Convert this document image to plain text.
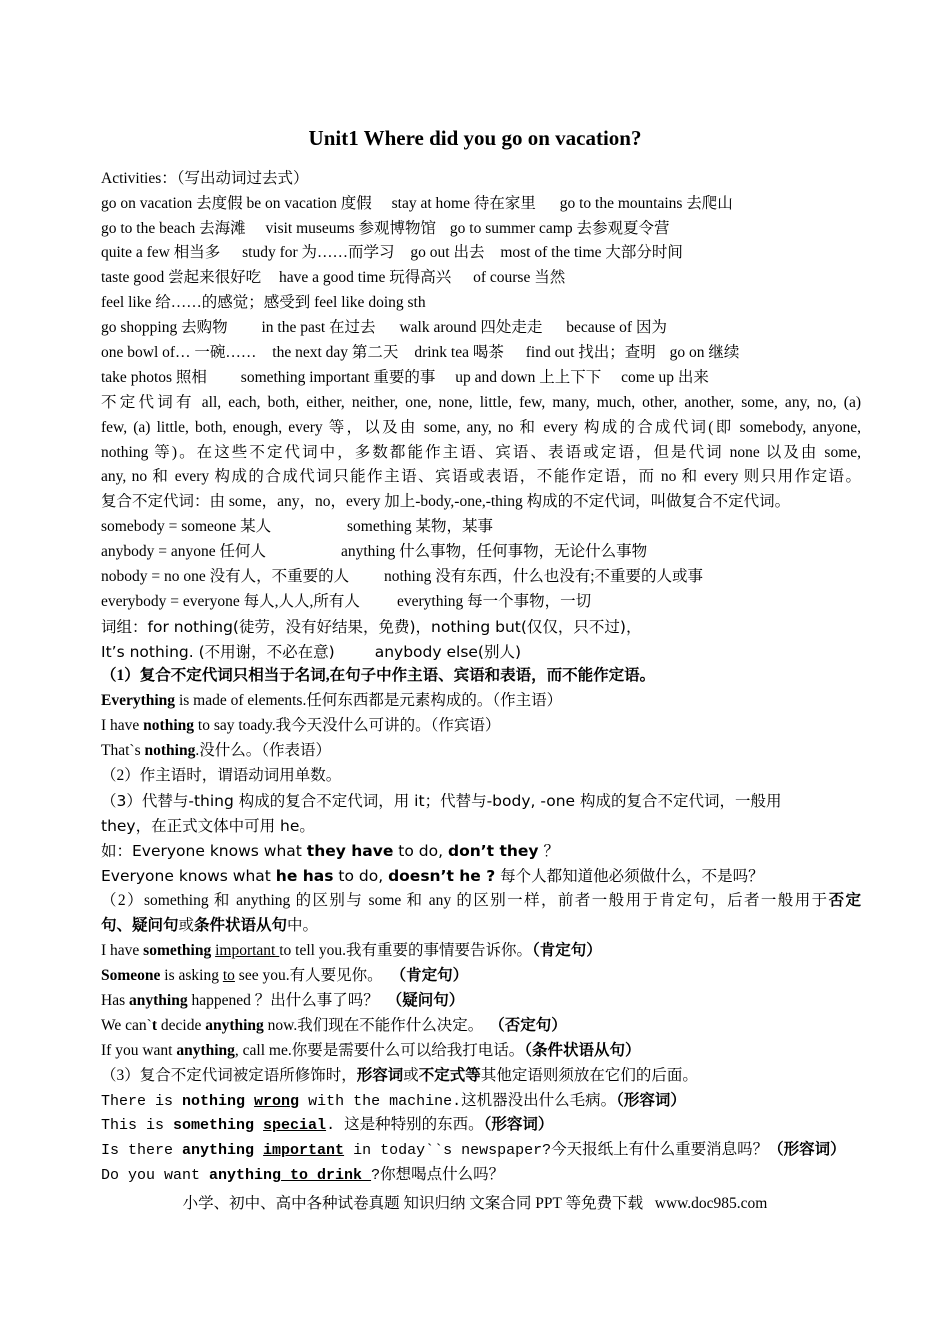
Unit1 Where did you go on vacation?
Activities：（写出动词过去式）
go on vacation 去度假 be on vacation 度假 stay at home 待在家里 go to the mountains 去爬山
go to the beach 去海滩 visit museums 参观博物馆 go to summer camp 去参观夏令营
quite a few 相当多 study for 为……而学习 go out 出去 most of the time 大部分时间
taste good 尝起来很好吃 have a good time 玩得高兴 of course 当然
feel like 给……的感觉；感受到 feel like doing sth
go shopping 去购物 in the past 在过去 walk around 四处走走 because of 因为
one bowl of… 一碗…… the next day 第二天 drink tea 喝茶 find out 找出；查明 go on 继续
take photos 照相 something important 重要的事 up and down 上上下下 come up 出来
不定代词有 all, each, both, either, neither, one, none, little, few, many, much, other, another, some, any, no, (a)
few, (a) little, both, enough, every 等，以及由 some, any, no 和 every 构成的合成代词(即 somebody, anyone,
nothing 等)。在这些不定代词中，多数都能作主语、宾语、表语或定语，但是代词 none 以及由 some,
any, no 和 every 构成的合成代词只能作主语、宾语或表语，不能作定语，而 no 和 every 则只用作定语。
复合不定代词：由 some，any，no，every 加上-body,-one,-thing 构成的不定代词，叫做复合不定代词。
somebody = someone 某人	something 某物，某事
anybody = anyone 任何人	anything 什么事物，任何事物，无论什么事物
nobody = no one 没有人，不重要的人 nothing 没有东西，什么也没有;不重要的人或事
everybody = everyone 每人,人人,所有人 everything 每一个事物，一切
词组：for nothing(徒劳，没有好结果，免费)，nothing but(仅仅，只不过)，
It’s nothing. (不用谢，不必在意)	anybody else(别人)
（1）复合不定代词只相当于名词,在句子中作主语、宾语和表语，而不能作定语。
Everything is made of elements.任何东西都是元素构成的。（作主语）
I have nothing to say toady.我今天没什么可讲的。（作宾语）
That`s nothing.没什么。（作表语）
（2）作主语时，谓语动词用单数。
（3）代替与-thing 构成的复合不定代词，用 it；代替与-body, -one 构成的复合不定代词，一般用
they，在正式文体中可用 he。
如：Everyone knows what they have to do, don’t they ？
Everyone knows what he has to do, doesn’t he ? 每个人都知道他必须做什么，不是吗？
（2）something 和 anything 的区别与 some 和 any 的区别一样，前者一般用于肯定句，后者一般用于否定
句、疑问句或条件状语从句中。
I have something important to tell you.我有重要的事情要告诉你。（肯定句）
Someone is asking to see you.有人要见你。 （肯定句）
Has anything happened ？出什么事了吗？ （疑问句）
We can`t decide anything now.我们现在不能作什么决定。 （否定句）
If you want anything, call me.你要是需要什么可以给我打电话。（条件状语从句）
（3）复合不定代词被定语所修饰时，形容词或不定式等其他定语则须放在它们的后面。
There is nothing wrong with the machine.这机器没出什么毛病。（形容词）
This is something special. 这是种特别的东西。（形容词）
Is there anything important in today``s newspaper?今天报纸上有什么重要消息吗？（形容词）
Do you want anything to drink ?你想喝点什么吗？
小学、初中、高中各种试卷真题 知识归纳 文案合同 PPT 等免费下载   www.doc985.com
